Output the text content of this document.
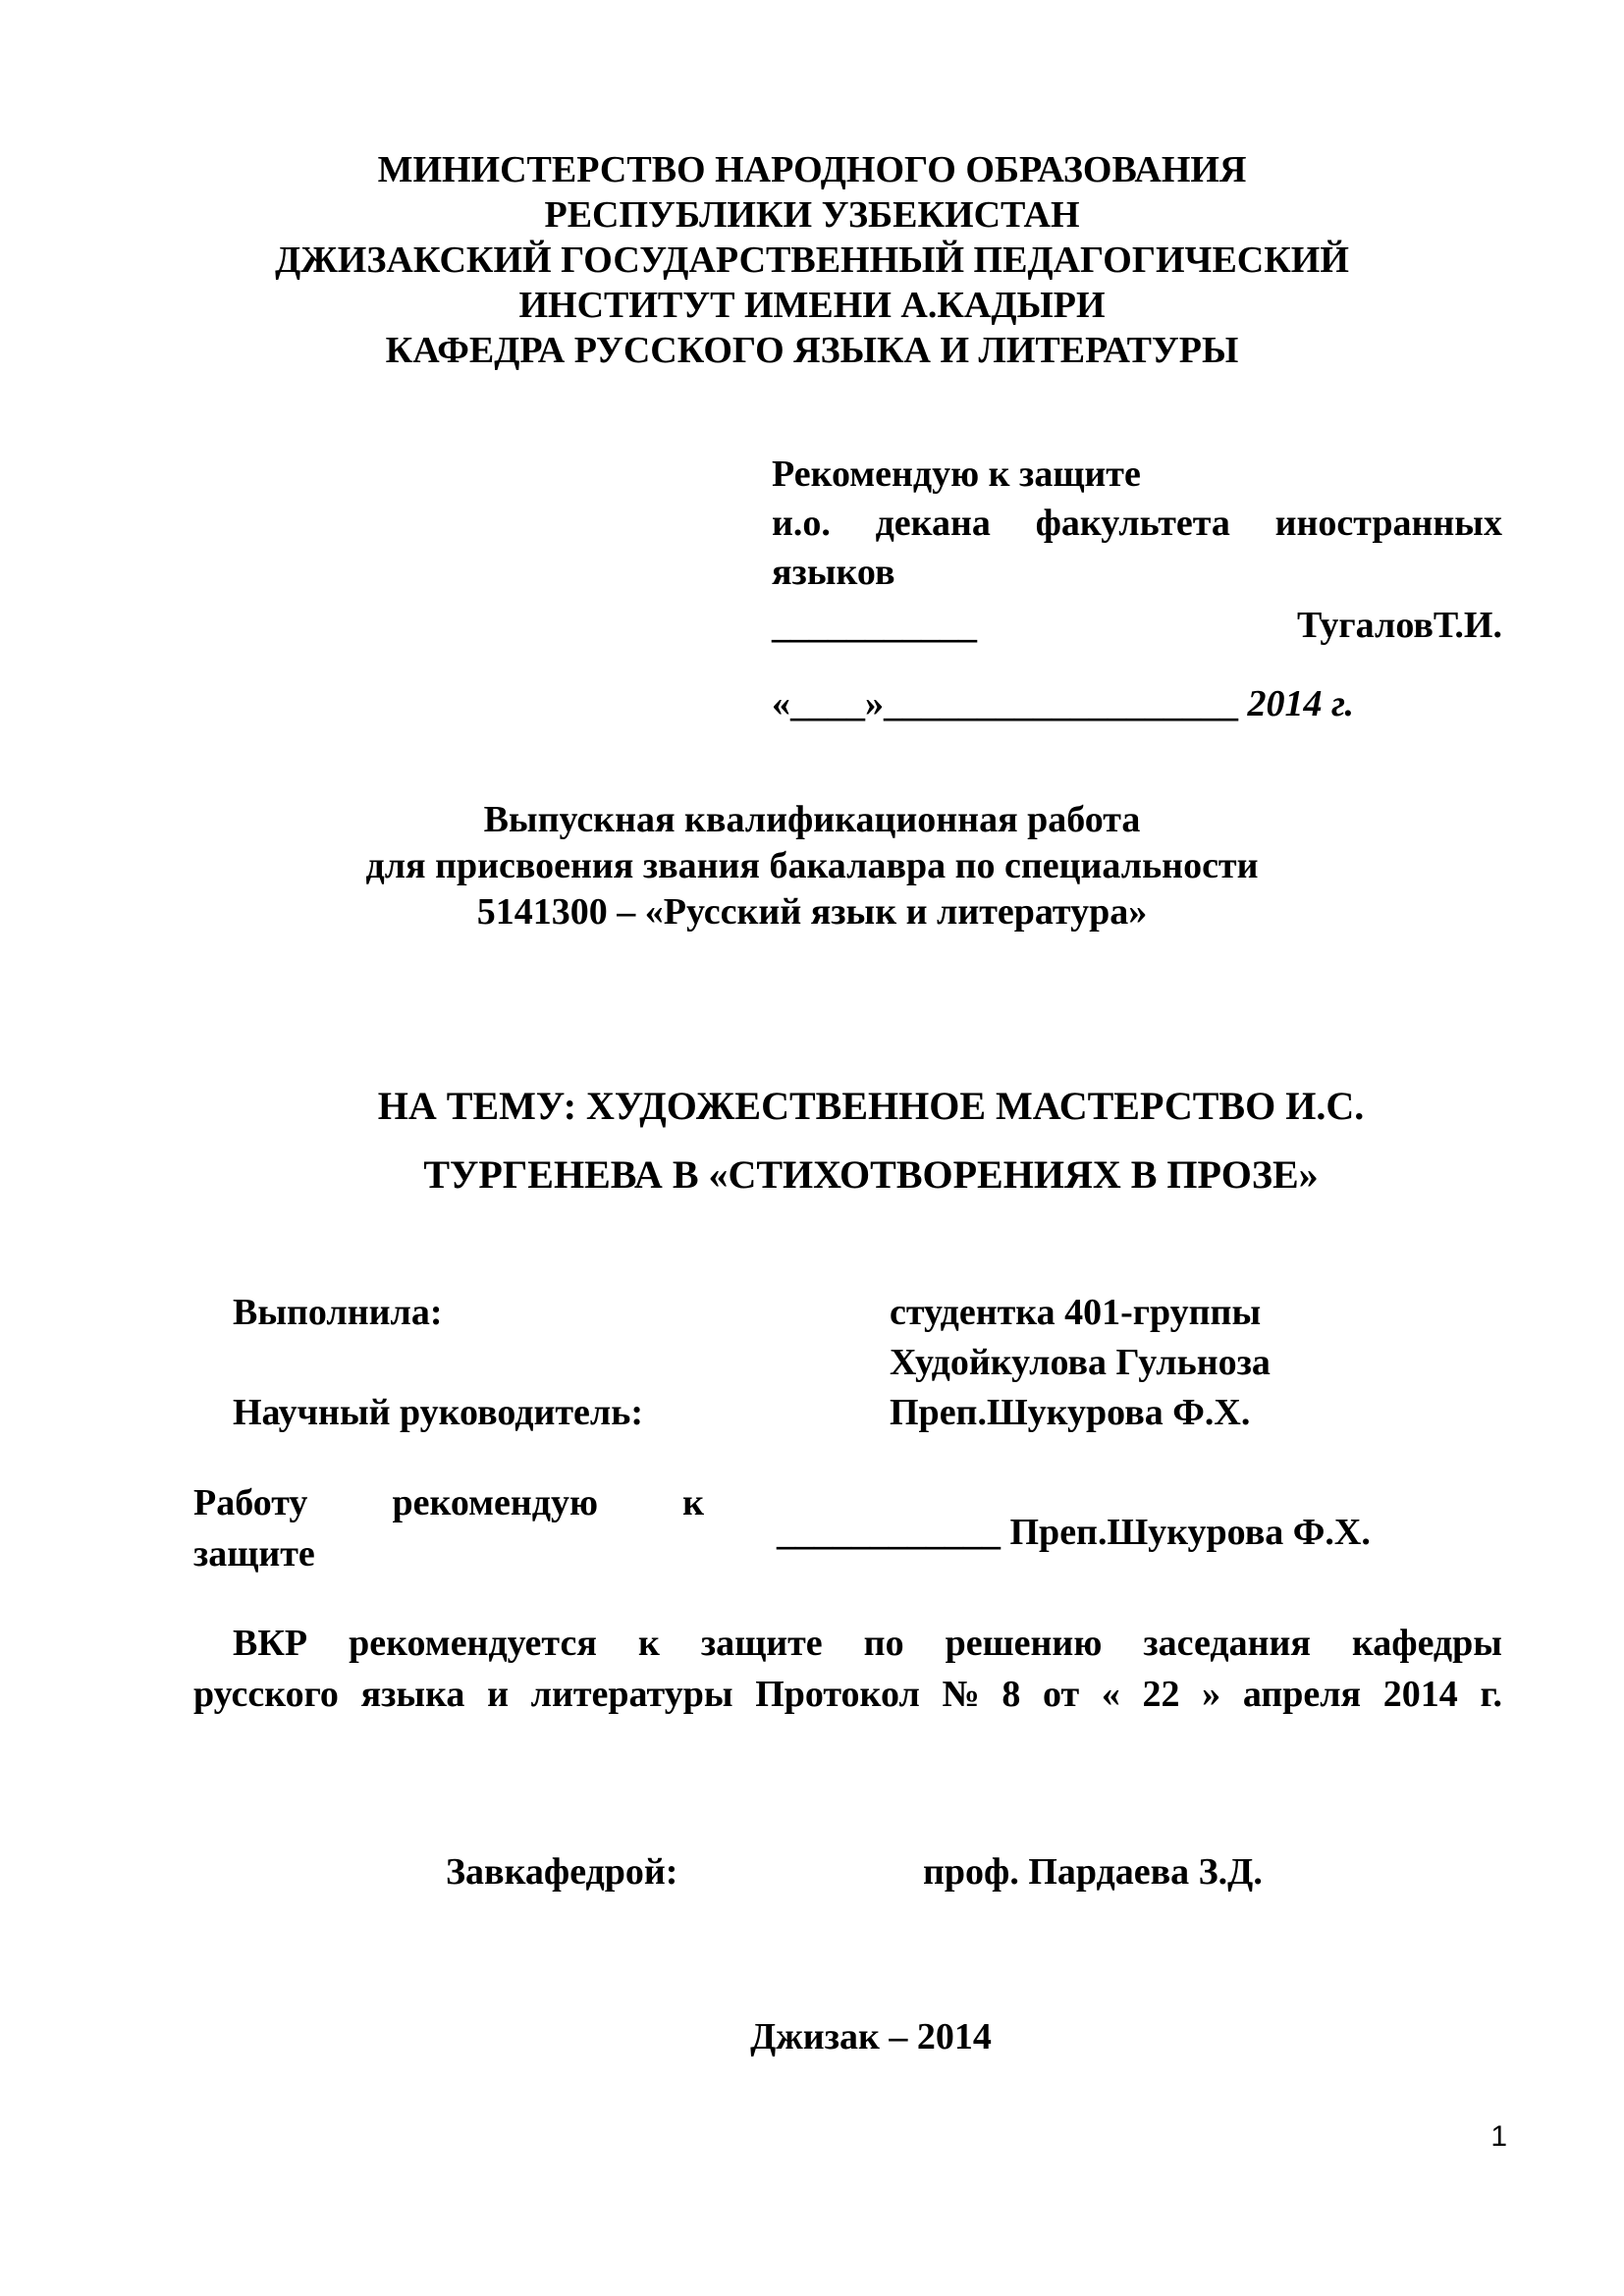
МИНИСТЕРСТВО НАРОДНОГО ОБРАЗОВАНИЯ
РЕСПУБЛИКИ УЗБЕКИСТАН
ДЖИЗАКСКИЙ ГОСУДАРСТВЕННЫЙ ПЕДАГОГИЧЕСКИЙ
ИНСТИТУТ ИМЕНИ А.КАДЫРИ
КАФЕДРА РУССКОГО ЯЗЫКА И ЛИТЕРАТУРЫ
Рекомендую к защите
и.о. декана факультета иностранных
языков
___________	ТугаловТ.И.
«____»___________________ 2014 г.
Выпускная квалификационная работа
для присвоения звания бакалавра по специальности
5141300 – «Русский язык и литература»
НА ТЕМУ: ХУДОЖЕСТВЕННОЕ МАСТЕРСТВО И.С.
ТУРГЕНЕВА В «СТИХОТВОРЕНИЯХ В ПРОЗЕ»
Выполнила:	студентка 401-группы
Худойкулова Гульноза
Научный руководитель:	Преп.Шукурова Ф.Х.
Работу рекомендую к
защите
____________ Преп.Шукурова Ф.Х.
ВКР рекомендуется к защите по решению заседания кафедры
русского языка и литературы Протокол № 8 от « 22 » апреля 2014 г.
Завкафедрой:	проф. Пардаева З.Д.
Джизак – 2014
1
